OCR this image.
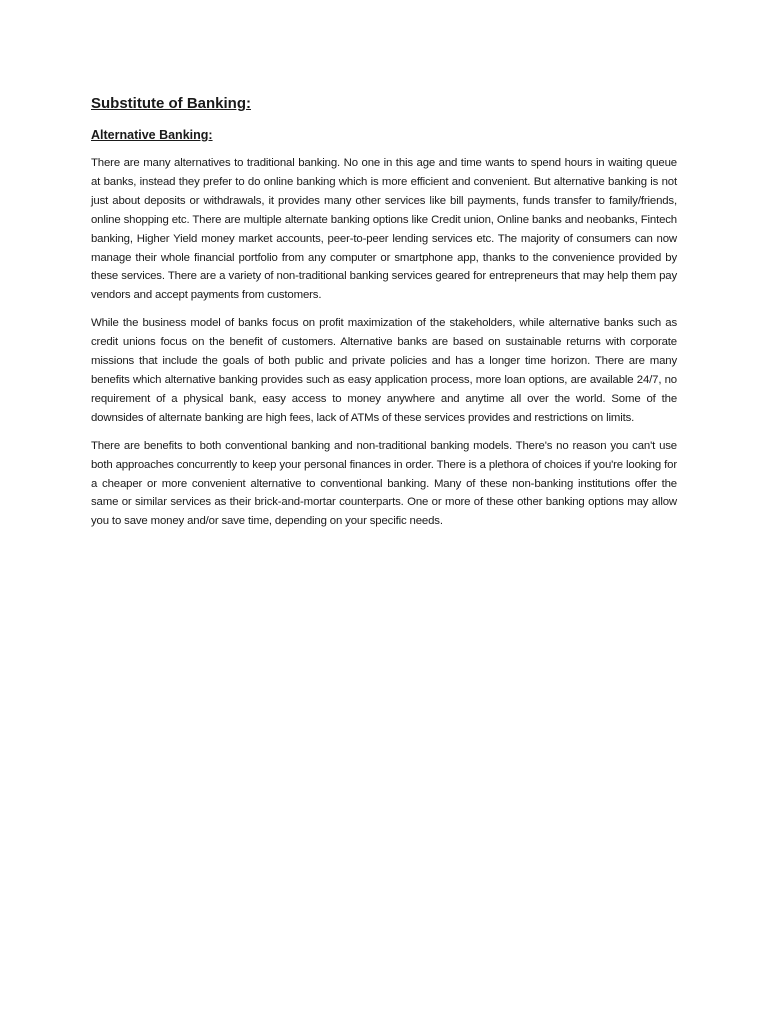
Substitute of Banking:
Alternative Banking:

There are many alternatives to traditional banking. No one in this age and time wants to spend hours in waiting queue at banks, instead they prefer to do online banking which is more efficient and convenient. But alternative banking is not just about deposits or withdrawals, it provides many other services like bill payments, funds transfer to family/friends, online shopping etc. There are multiple alternate banking options like Credit union, Online banks and neobanks, Fintech banking, Higher Yield money market accounts, peer-to-peer lending services etc. The majority of consumers can now manage their whole financial portfolio from any computer or smartphone app, thanks to the convenience provided by these services. There are a variety of non-traditional banking services geared for entrepreneurs that may help them pay vendors and accept payments from customers.

While the business model of banks focus on profit maximization of the stakeholders, while alternative banks such as credit unions focus on the benefit of customers. Alternative banks are based on sustainable returns with corporate missions that include the goals of both public and private policies and has a longer time horizon. There are many benefits which alternative banking provides such as easy application process, more loan options, are available 24/7, no requirement of a physical bank, easy access to money anywhere and anytime all over the world. Some of the downsides of alternate banking are high fees, lack of ATMs of these services provides and restrictions on limits.

There are benefits to both conventional banking and non-traditional banking models. There's no reason you can't use both approaches concurrently to keep your personal finances in order. There is a plethora of choices if you're looking for a cheaper or more convenient alternative to conventional banking. Many of these non-banking institutions offer the same or similar services as their brick-and-mortar counterparts. One or more of these other banking options may allow you to save money and/or save time, depending on your specific needs.
